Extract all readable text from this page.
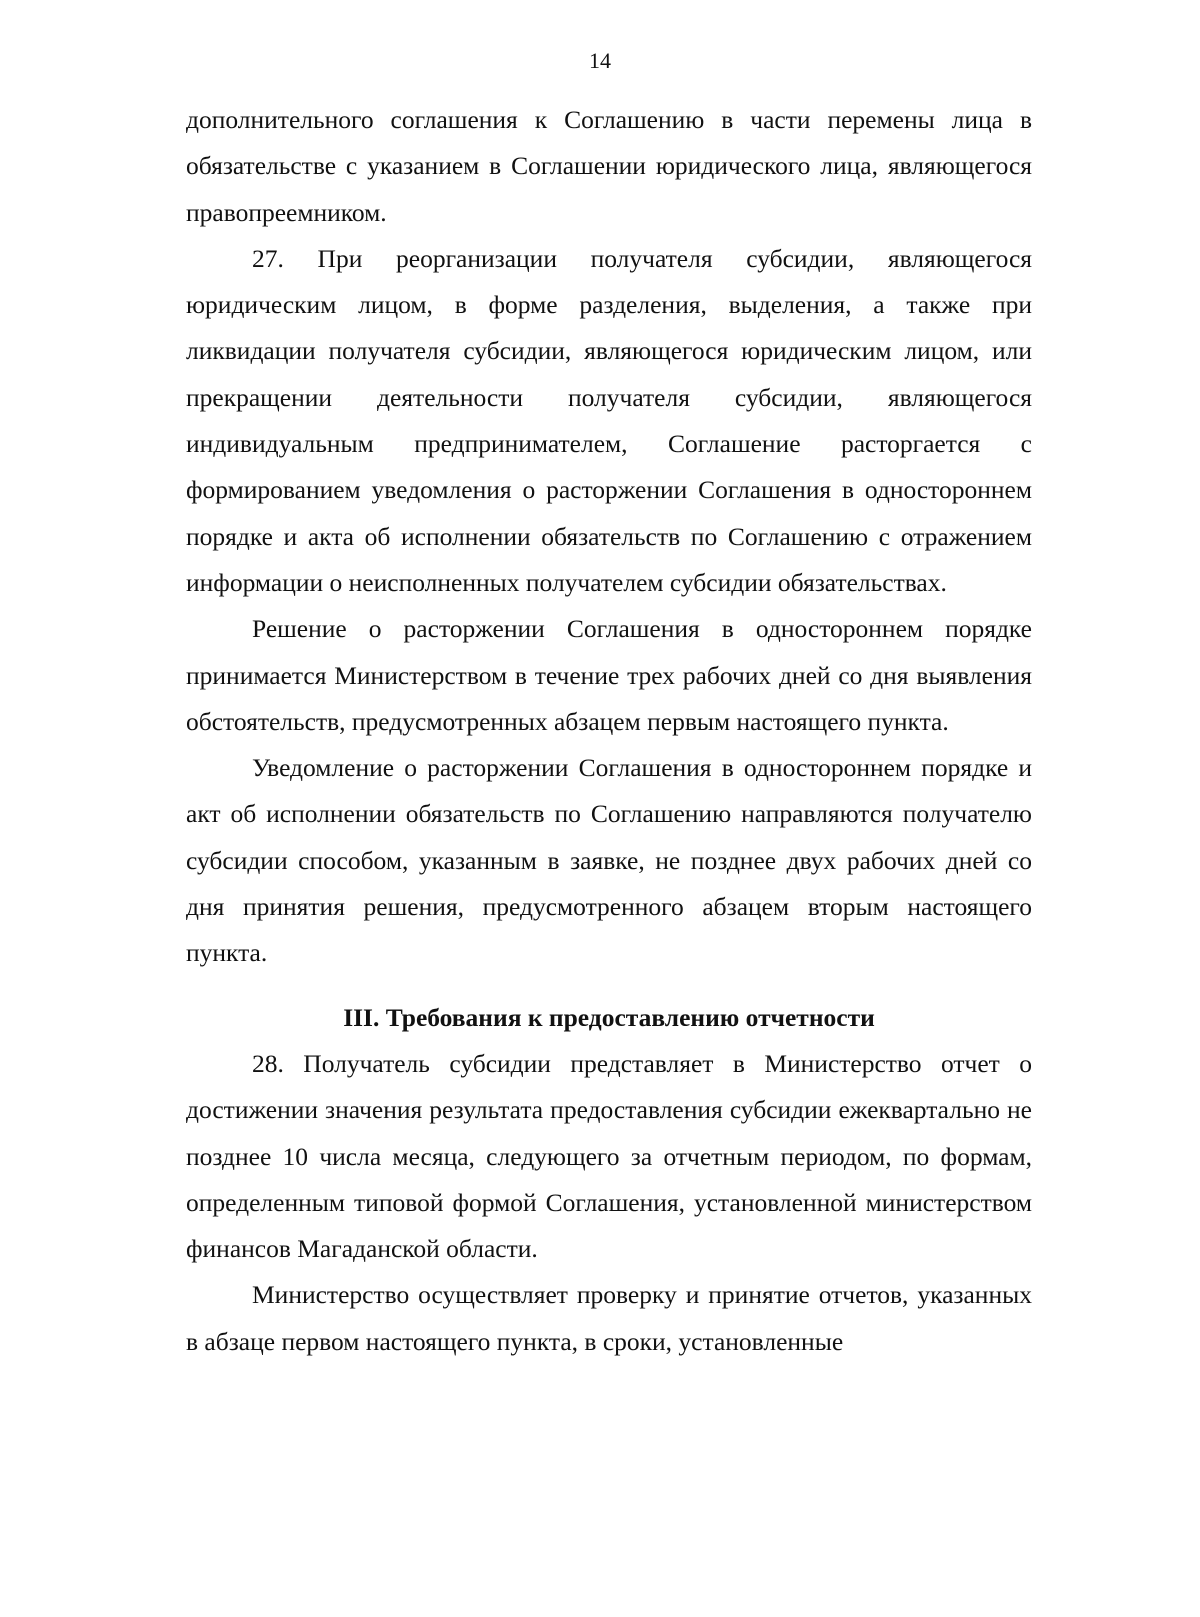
14

дополнительного соглашения к Соглашению в части перемены лица в обязательстве с указанием в Соглашении юридического лица, являющегося правопреемником.

27. При реорганизации получателя субсидии, являющегося юридическим лицом, в форме разделения, выделения, а также при ликвидации получателя субсидии, являющегося юридическим лицом, или прекращении деятельности получателя субсидии, являющегося индивидуальным предпринимателем, Соглашение расторгается с формированием уведомления о расторжении Соглашения в одностороннем порядке и акта об исполнении обязательств по Соглашению с отражением информации о неисполненных получателем субсидии обязательствах.

Решение о расторжении Соглашения в одностороннем порядке принимается Министерством в течение трех рабочих дней со дня выявления обстоятельств, предусмотренных абзацем первым настоящего пункта.

Уведомление о расторжении Соглашения в одностороннем порядке и акт об исполнении обязательств по Соглашению направляются получателю субсидии способом, указанным в заявке, не позднее двух рабочих дней со дня принятия решения, предусмотренного абзацем вторым настоящего пункта.

III. Требования к предоставлению отчетности

28. Получатель субсидии представляет в Министерство отчет о достижении значения результата предоставления субсидии ежеквартально не позднее 10 числа месяца, следующего за отчетным периодом, по формам, определенным типовой формой Соглашения, установленной министерством финансов Магаданской области.

Министерство осуществляет проверку и принятие отчетов, указанных в абзаце первом настоящего пункта, в сроки, установленные
